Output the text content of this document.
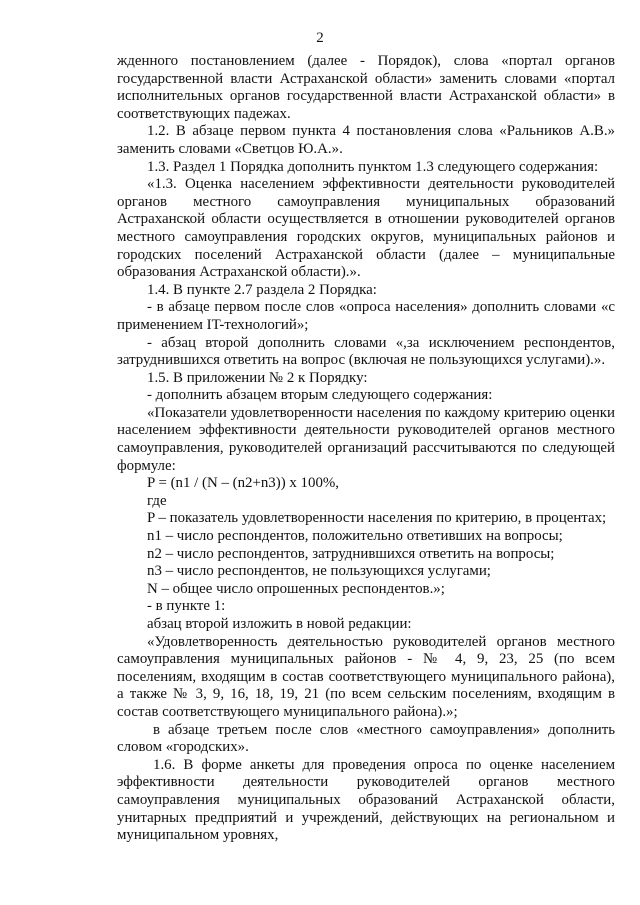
2

жденного постановлением (далее - Порядок), слова «портал органов государственной власти Астраханской области» заменить словами «портал исполнительных органов государственной власти Астраханской области» в соответствующих падежах.

1.2. В абзаце первом пункта 4 постановления слова «Ральников А.В.» заменить словами «Светцов Ю.А.».

1.3. Раздел 1 Порядка дополнить пунктом 1.3 следующего содержания:

«1.3. Оценка населением эффективности деятельности руководителей органов местного самоуправления муниципальных образований Астраханской области осуществляется в отношении руководителей органов местного самоуправления городских округов, муниципальных районов и городских поселений Астраханской области (далее – муниципальные образования Астраханской области).».

1.4. В пункте 2.7 раздела 2 Порядка:

- в абзаце первом после слов «опроса населения» дополнить словами «с применением IT-технологий»;

- абзац второй дополнить словами «,за исключением респондентов, затруднившихся ответить на вопрос (включая не пользующихся услугами).».

1.5. В приложении № 2 к Порядку:

- дополнить абзацем вторым следующего содержания:

«Показатели удовлетворенности населения по каждому критерию оценки населением эффективности деятельности руководителей органов местного самоуправления, руководителей организаций рассчитываются по следующей формуле:

P = (n1 / (N – (n2+n3)) x 100%,

где

P – показатель удовлетворенности населения по критерию, в процентах;

n1 – число респондентов, положительно ответивших на вопросы;

n2 – число респондентов, затруднившихся ответить на вопросы;

n3 – число респондентов, не пользующихся услугами;

N – общее число опрошенных респондентов.»;

- в пункте 1:

абзац второй изложить в новой редакции:

«Удовлетворенность деятельностью руководителей органов местного самоуправления муниципальных районов - № 4, 9, 23, 25 (по всем поселениям, входящим в состав соответствующего муниципального района), а также № 3, 9, 16, 18, 19, 21 (по всем сельским поселениям, входящим в состав соответствующего муниципального района).»;

в абзаце третьем после слов «местного самоуправления» дополнить словом «городских».

1.6. В форме анкеты для проведения опроса по оценке населением эффективности деятельности руководителей органов местного самоуправления муниципальных образований Астраханской области, унитарных предприятий и учреждений, действующих на региональном и муниципальном уровнях,
